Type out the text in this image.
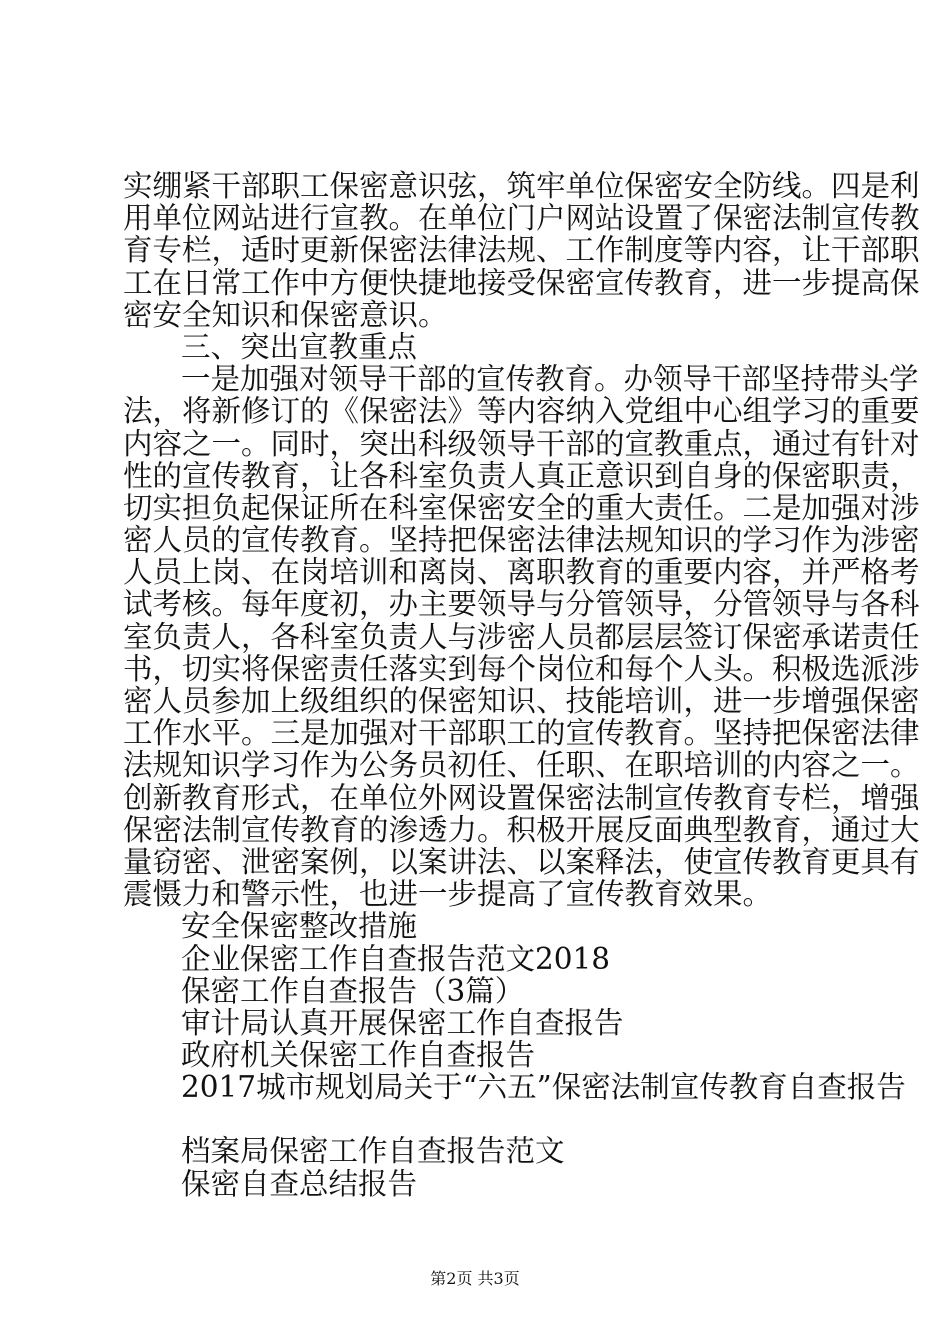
实绷紧干部职工保密意识弦，筑牢单位保密安全防线。四是利
用单位网站进行宣教。在单位门户网站设置了保密法制宣传教
育专栏，适时更新保密法律法规、工作制度等内容，让干部职
工在日常工作中方便快捷地接受保密宣传教育，进一步提高保
密安全知识和保密意识。
三、突出宣教重点
一是加强对领导干部的宣传教育。办领导干部坚持带头学
法，将新修订的《保密法》等内容纳入党组中心组学习的重要
内容之一。同时，突出科级领导干部的宣教重点，通过有针对
性的宣传教育，让各科室负责人真正意识到自身的保密职责，
切实担负起保证所在科室保密安全的重大责任。二是加强对涉
密人员的宣传教育。坚持把保密法律法规知识的学习作为涉密
人员上岗、在岗培训和离岗、离职教育的重要内容，并严格考
试考核。每年度初，办主要领导与分管领导，分管领导与各科
室负责人，各科室负责人与涉密人员都层层签订保密承诺责任
书，切实将保密责任落实到每个岗位和每个人头。积极选派涉
密人员参加上级组织的保密知识、技能培训，进一步增强保密
工作水平。三是加强对干部职工的宣传教育。坚持把保密法律
法规知识学习作为公务员初任、任职、在职培训的内容之一。
创新教育形式，在单位外网设置保密法制宣传教育专栏，增强
保密法制宣传教育的渗透力。积极开展反面典型教育，通过大
量窃密、泄密案例，以案讲法、以案释法，使宣传教育更具有
震慑力和警示性，也进一步提高了宣传教育效果。
安全保密整改措施
企业保密工作自查报告范文2018
保密工作自查报告（3篇）
审计局认真开展保密工作自查报告
政府机关保密工作自查报告
2017城市规划局关于“六五”保密法制宣传教育自查报告
档案局保密工作自查报告范文
保密自查总结报告
第2页 共3页
